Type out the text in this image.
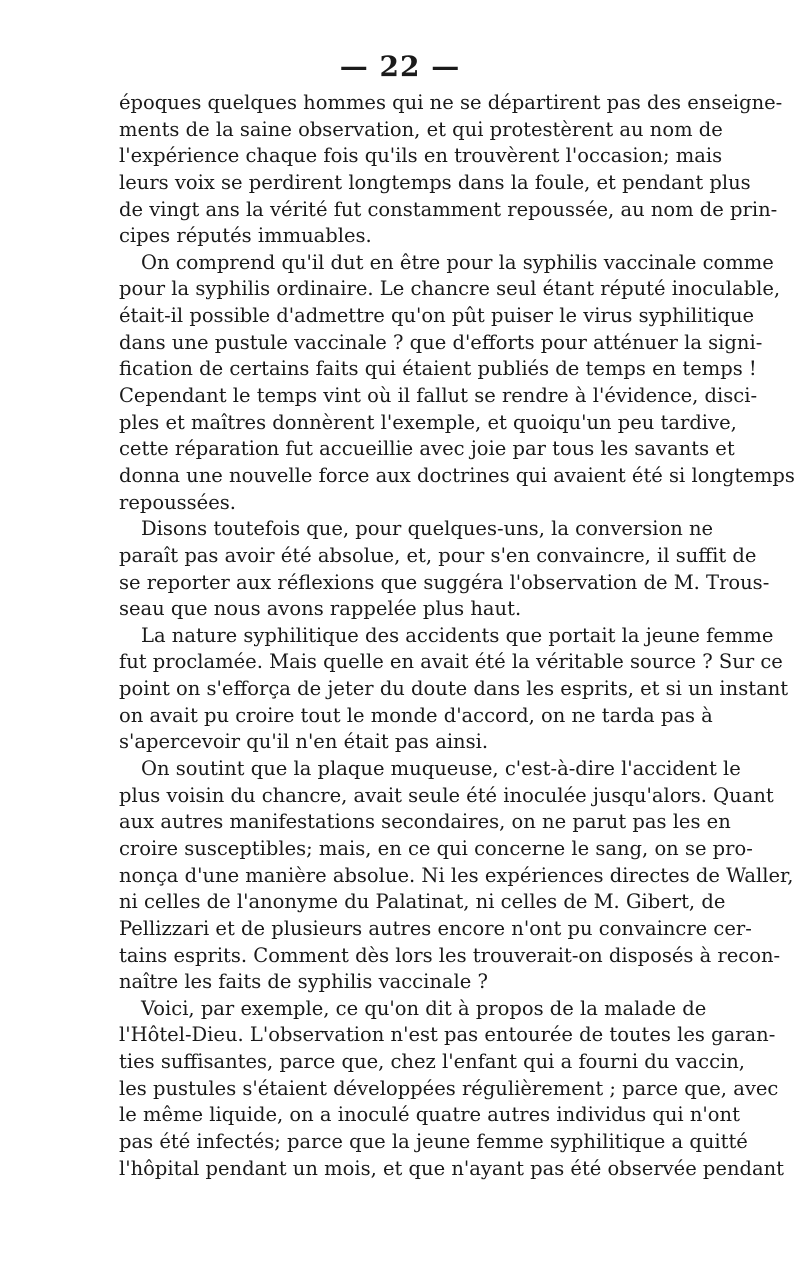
— 22 —
époques quelques hommes qui ne se départirent pas des enseigne-
ments de la saine observation, et qui protestèrent au nom de
l'expérience chaque fois qu'ils en trouvèrent l'occasion; mais
leurs voix se perdirent longtemps dans la foule, et pendant plus
de vingt ans la vérité fut constamment repoussée, au nom de prin-
cipes réputés immuables.
On comprend qu'il dut en être pour la syphilis vaccinale comme
pour la syphilis ordinaire. Le chancre seul étant réputé inoculable,
était-il possible d'admettre qu'on pût puiser le virus syphilitique
dans une pustule vaccinale ? que d'efforts pour atténuer la signi-
fication de certains faits qui étaient publiés de temps en temps !
Cependant le temps vint où il fallut se rendre à l'évidence, disci-
ples et maîtres donnèrent l'exemple, et quoiqu'un peu tardive,
cette réparation fut accueillie avec joie par tous les savants et
donna une nouvelle force aux doctrines qui avaient été si longtemps
repoussées.
Disons toutefois que, pour quelques-uns, la conversion ne
paraît pas avoir été absolue, et, pour s'en convaincre, il suffit de
se reporter aux réflexions que suggéra l'observation de M. Trous-
seau que nous avons rappelée plus haut.
La nature syphilitique des accidents que portait la jeune femme
fut proclamée. Mais quelle en avait été la véritable source ? Sur ce
point on s'efforça de jeter du doute dans les esprits, et si un instant
on avait pu croire tout le monde d'accord, on ne tarda pas à
s'apercevoir qu'il n'en était pas ainsi.
On soutint que la plaque muqueuse, c'est-à-dire l'accident le
plus voisin du chancre, avait seule été inoculée jusqu'alors. Quant
aux autres manifestations secondaires, on ne parut pas les en
croire susceptibles; mais, en ce qui concerne le sang, on se pro-
nonça d'une manière absolue. Ni les expériences directes de Waller,
ni celles de l'anonyme du Palatinat, ni celles de M. Gibert, de
Pellizzari et de plusieurs autres encore n'ont pu convaincre cer-
tains esprits. Comment dès lors les trouverait-on disposés à recon-
naître les faits de syphilis vaccinale ?
Voici, par exemple, ce qu'on dit à propos de la malade de
l'Hôtel-Dieu. L'observation n'est pas entourée de toutes les garan-
ties suffisantes, parce que, chez l'enfant qui a fourni du vaccin,
les pustules s'étaient développées régulièrement ; parce que, avec
le même liquide, on a inoculé quatre autres individus qui n'ont
pas été infectés; parce que la jeune femme syphilitique a quitté
l'hôpital pendant un mois, et que n'ayant pas été observée pendant
